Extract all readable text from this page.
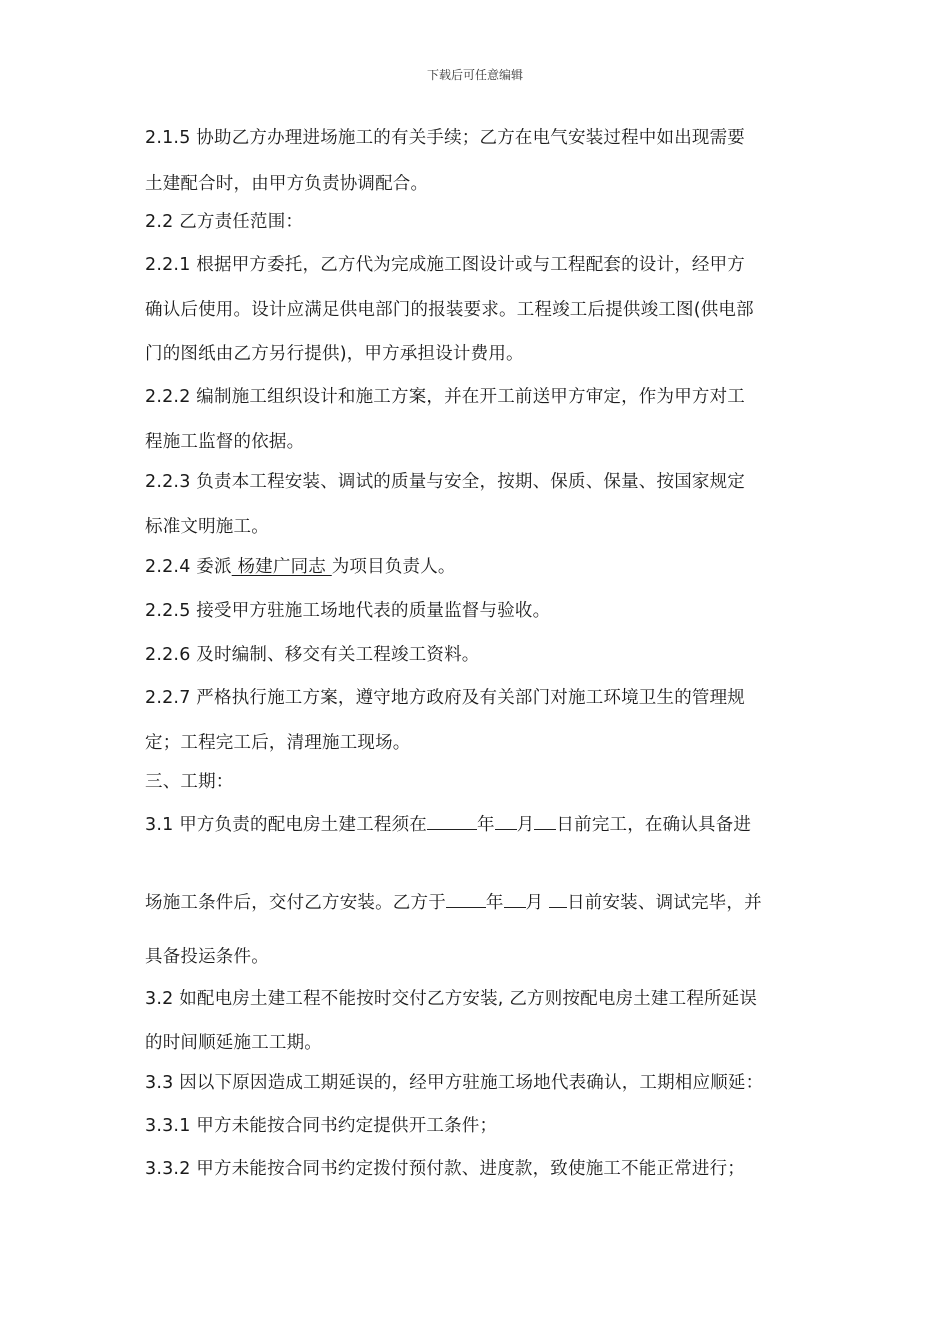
下载后可任意编辑
2.1.5 协助乙方办理进场施工的有关手续；乙方在电气安装过程中如出现需要
土建配合时，由甲方负责协调配合。
2.2 乙方责任范围：
2.2.1 根据甲方委托，乙方代为完成施工图设计或与工程配套的设计，经甲方
确认后使用。设计应满足供电部门的报装要求。工程竣工后提供竣工图(供电部
门的图纸由乙方另行提供)，甲方承担设计费用。
2.2.2 编制施工组织设计和施工方案，并在开工前送甲方审定，作为甲方对工
程施工监督的依据。
2.2.3 负责本工程安装、调试的质量与安全，按期、保质、保量、按国家规定
标准文明施工。
2.2.4 委派 杨建广同志 为项目负责人。
2.2.5 接受甲方驻施工场地代表的质量监督与验收。
2.2.6 及时编制、移交有关工程竣工资料。
2.2.7 严格执行施工方案，遵守地方政府及有关部门对施工环境卫生的管理规
定；工程完工后，清理施工现场。
三、工期：
3.1 甲方负责的配电房土建工程须在	年 月 日前完工，在确认具备进
场施工条件后，交付乙方安装。乙方于 年 月 日前安装、调试完毕，并
具备投运条件。
3.2 如配电房土建工程不能按时交付乙方安装, 乙方则按配电房土建工程所延误
的时间顺延施工工期。
3.3 因以下原因造成工期延误的，经甲方驻施工场地代表确认，工期相应顺延：
3.3.1 甲方未能按合同书约定提供开工条件；
3.3.2 甲方未能按合同书约定拨付预付款、进度款，致使施工不能正常进行；
